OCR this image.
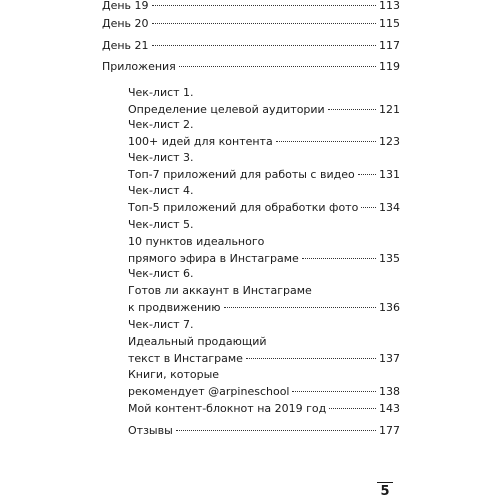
День 19	113
День 20	115
День 21	117
Приложения	119
Чек-лист 1.
Определение целевой аудитории	121
Чек-лист 2.
100+ идей для контента	123
Чек-лист 3.
Топ-7 приложений для работы с видео 131
Чек-лист 4.
Топ-5 приложений для обработки фото 134
Чек-лист 5.
10 пунктов идеального
прямого эфира в Инстаграме	135
Чек-лист 6.
Готов ли аккаунт в Инстаграме
к продвижению	136
Чек-лист 7.
Идеальный продающий
текст в Инстаграме	137
Книги, которые
рекомендует @arpineschool	138
Мой контент-блокнот на 2019 год	143
Отзывы	177
5
